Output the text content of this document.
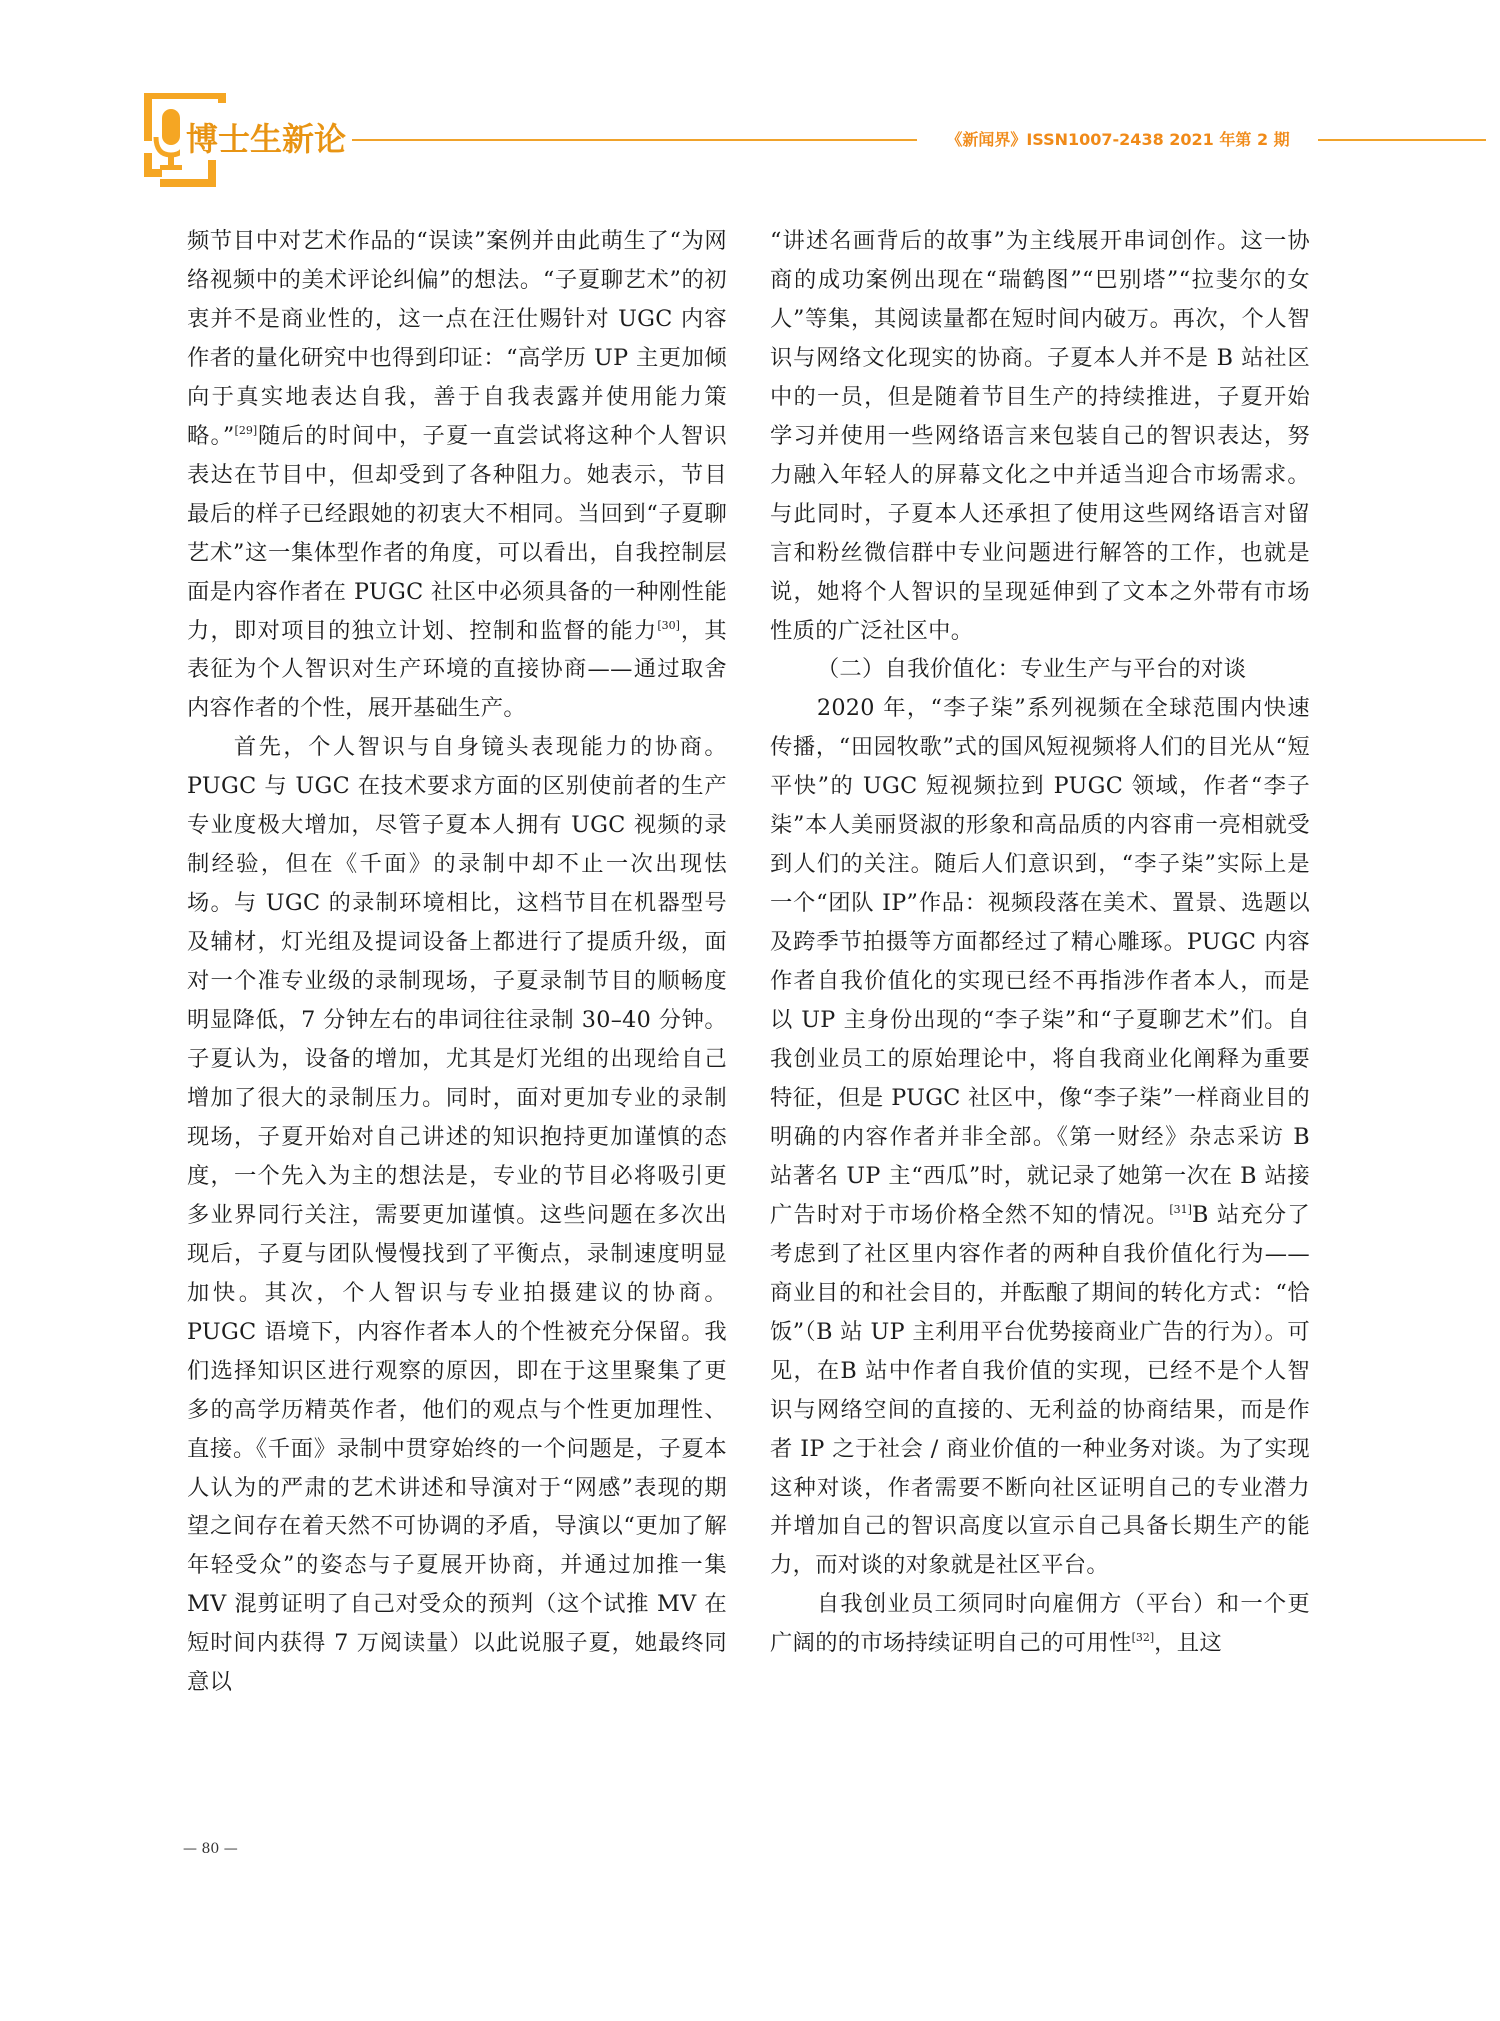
博士生新论	《新闻界》ISSN1007-2438 2021 年第 2 期

频节目中对艺术作品的“误读”案例并由此萌生了“为网络视频中的美术评论纠偏”的想法。“子夏聊艺术”的初衷并不是商业性的，这一点在汪仕赐针对 UGC 内容作者的量化研究中也得到印证：“高学历 UP 主更加倾向于真实地表达自我，善于自我表露并使用能力策略。”[29]随后的时间中，子夏一直尝试将这种个人智识表达在节目中，但却受到了各种阻力。她表示，节目最后的样子已经跟她的初衷大不相同。当回到“子夏聊艺术”这一集体型作者的角度，可以看出，自我控制层面是内容作者在 PUGC 社区中必须具备的一种刚性能力，即对项目的独立计划、控制和监督的能力[30]，其表征为个人智识对生产环境的直接协商——通过取舍内容作者的个性，展开基础生产。

首先，个人智识与自身镜头表现能力的协商。PUGC 与 UGC 在技术要求方面的区别使前者的生产专业度极大增加，尽管子夏本人拥有 UGC 视频的录制经验，但在《千面》的录制中却不止一次出现怯场。与 UGC 的录制环境相比，这档节目在机器型号及辅材，灯光组及提词设备上都进行了提质升级，面对一个准专业级的录制现场，子夏录制节目的顺畅度明显降低，7 分钟左右的串词往往录制 30–40 分钟。子夏认为，设备的增加，尤其是灯光组的出现给自己增加了很大的录制压力。同时，面对更加专业的录制现场，子夏开始对自己讲述的知识抱持更加谨慎的态度，一个先入为主的想法是，专业的节目必将吸引更多业界同行关注，需要更加谨慎。这些问题在多次出现后，子夏与团队慢慢找到了平衡点，录制速度明显加快。其次，个人智识与专业拍摄建议的协商。PUGC 语境下，内容作者本人的个性被充分保留。我们选择知识区进行观察的原因，即在于这里聚集了更多的高学历精英作者，他们的观点与个性更加理性、直接。《千面》录制中贯穿始终的一个问题是，子夏本人认为的严肃的艺术讲述和导演对于“网感”表现的期望之间存在着天然不可协调的矛盾，导演以“更加了解年轻受众”的姿态与子夏展开协商，并通过加推一集 MV 混剪证明了自己对受众的预判（这个试推 MV 在短时间内获得 7 万阅读量）以此说服子夏，她最终同意以

“讲述名画背后的故事”为主线展开串词创作。这一协商的成功案例出现在“瑞鹤图”“巴别塔”“拉斐尔的女人”等集，其阅读量都在短时间内破万。再次，个人智识与网络文化现实的协商。子夏本人并不是 B 站社区中的一员，但是随着节目生产的持续推进，子夏开始学习并使用一些网络语言来包装自己的智识表达，努力融入年轻人的屏幕文化之中并适当迎合市场需求。与此同时，子夏本人还承担了使用这些网络语言对留言和粉丝微信群中专业问题进行解答的工作，也就是说，她将个人智识的呈现延伸到了文本之外带有市场性质的广泛社区中。

（二）自我价值化：专业生产与平台的对谈

2020 年，“李子柒”系列视频在全球范围内快速传播，“田园牧歌”式的国风短视频将人们的目光从“短平快”的 UGC 短视频拉到 PUGC 领域，作者“李子柒”本人美丽贤淑的形象和高品质的内容甫一亮相就受到人们的关注。随后人们意识到，“李子柒”实际上是一个“团队 IP”作品：视频段落在美术、置景、选题以及跨季节拍摄等方面都经过了精心雕琢。PUGC 内容作者自我价值化的实现已经不再指涉作者本人，而是以 UP 主身份出现的“李子柒”和“子夏聊艺术”们。自我创业员工的原始理论中，将自我商业化阐释为重要特征，但是 PUGC 社区中，像“李子柒”一样商业目的明确的内容作者并非全部。《第一财经》杂志采访 B 站著名 UP 主“西瓜”时，就记录了她第一次在 B 站接广告时对于市场价格全然不知的情况。[31]B 站充分了考虑到了社区里内容作者的两种自我价值化行为——商业目的和社会目的，并酝酿了期间的转化方式：“恰饭”（B 站 UP 主利用平台优势接商业广告的行为）。可见，在B 站中作者自我价值的实现，已经不是个人智识与网络空间的直接的、无利益的协商结果，而是作者 IP 之于社会 / 商业价值的一种业务对谈。为了实现这种对谈，作者需要不断向社区证明自己的专业潜力并增加自己的智识高度以宣示自己具备长期生产的能力，而对谈的对象就是社区平台。

自我创业员工须同时向雇佣方（平台）和一个更广阔的的市场持续证明自己的可用性[32]，且这

— 80 —
